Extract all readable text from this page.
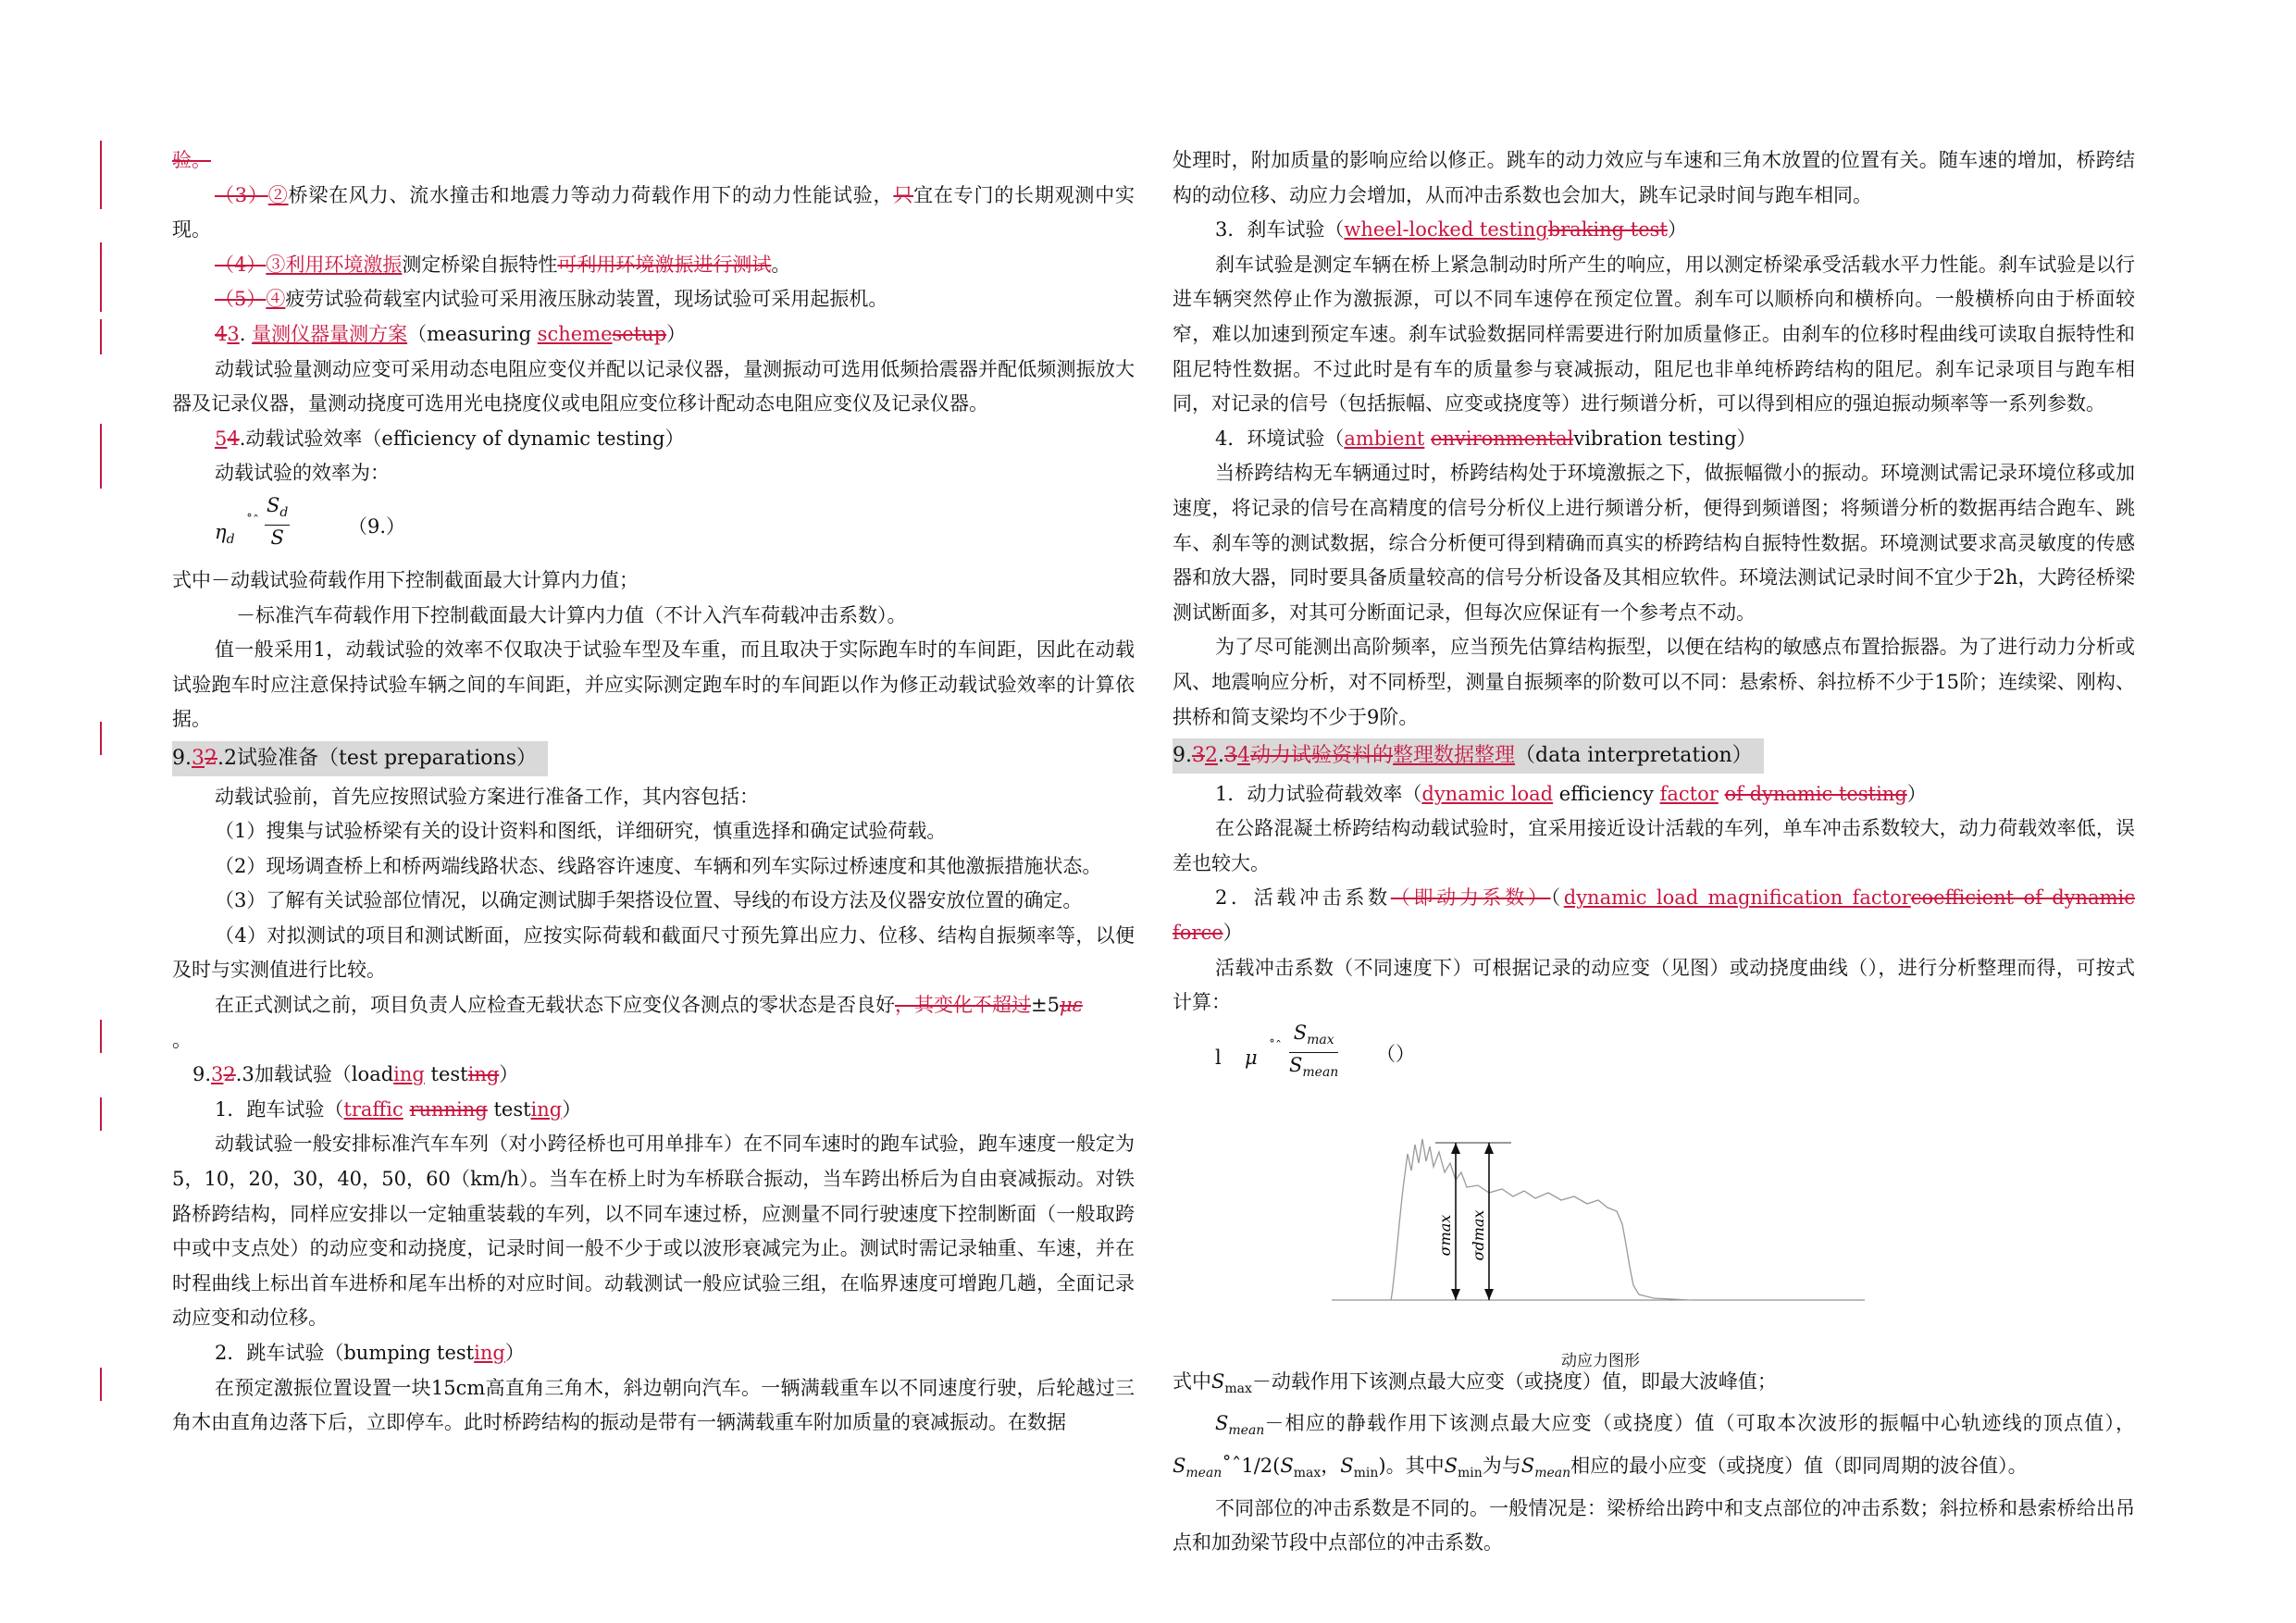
验。

（3）②桥梁在风力、流水撞击和地震力等动力荷载作用下的动力性能试验，只宜在专门的长期观测中实现。

（4）③利用环境激振测定桥梁自振特性可利用环境激振进行测试。

（5）④疲劳试验荷载室内试验可采用液压脉动装置，现场试验可采用起振机。

43. 量测仪器量测方案（measuring schemesetup）

动载试验量测动应变可采用动态电阻应变仪并配以记录仪器，量测振动可选用低频拾震器并配低频测振放大器及记录仪器，量测动挠度可选用光电挠度仪或电阻应变位移计配动态电阻应变仪及记录仪器。

54.动载试验效率（efficiency of dynamic testing）

动载试验的效率为：

$\eta_d$
˚ˆ $\frac{S_d}{S}$	（9.）

式中－动载试验荷载作用下控制截面最大计算内力值；

－标准汽车荷载作用下控制截面最大计算内力值（不计入汽车荷载冲击系数）。

值一般采用1，动载试验的效率不仅取决于试验车型及车重，而且取决于实际跑车时的车间距，因此在动载试验跑车时应注意保持试验车辆之间的车间距，并应实际测定跑车时的车间距以作为修正动载试验效率的计算依据。

9.32.2试验准备（test preparations）

动载试验前，首先应按照试验方案进行准备工作，其内容包括：

（1）搜集与试验桥梁有关的设计资料和图纸，详细研究，慎重选择和确定试验荷载。

（2）现场调查桥上和桥两端线路状态、线路容许速度、车辆和列车实际过桥速度和其他激振措施状态。

（3）了解有关试验部位情况，以确定测试脚手架搭设位置、导线的布设方法及仪器安放位置的确定。

（4）对拟测试的项目和测试断面，应按实际荷载和截面尺寸预先算出应力、位移、结构自振频率等，以便及时与实测值进行比较。

在正式测试之前，项目负责人应检查无载状态下应变仪各测点的零状态是否良好，其变化不超过±5με
。

9.32.3加载试验（loading testing）

1．跑车试验（traffic running testing）

动载试验一般安排标准汽车车列（对小跨径桥也可用单排车）在不同车速时的跑车试验，跑车速度一般定为5，10，20，30，40，50，60（km/h）。当车在桥上时为车桥联合振动，当车跨出桥后为自由衰减振动。对铁路桥跨结构，同样应安排以一定轴重装载的车列，以不同车速过桥，应测量不同行驶速度下控制断面（一般取跨中或中支点处）的动应变和动挠度，记录时间一般不少于或以波形衰减完为止。测试时需记录轴重、车速，并在时程曲线上标出首车进桥和尾车出桥的对应时间。动载测试一般应试验三组，在临界速度可增跑几趟，全面记录动应变和动位移。

2．跳车试验（bumping testing）

在预定激振位置设置一块15cm高直角三角木，斜边朝向汽车。一辆满载重车以不同速度行驶，后轮越过三角木由直角边落下后，立即停车。此时桥跨结构的振动是带有一辆满载重车附加质量的衰减振动。在数据

处理时，附加质量的影响应给以修正。跳车的动力效应与车速和三角木放置的位置有关。随车速的增加，桥跨结构的动位移、动应力会增加，从而冲击系数也会加大，跳车记录时间与跑车相同。

3．刹车试验（wheel-locked testingbraking test）

刹车试验是测定车辆在桥上紧急制动时所产生的响应，用以测定桥梁承受活载水平力性能。刹车试验是以行进车辆突然停止作为激振源，可以不同车速停在预定位置。刹车可以顺桥向和横桥向。一般横桥向由于桥面较窄，难以加速到预定车速。刹车试验数据同样需要进行附加质量修正。由刹车的位移时程曲线可读取自振特性和阻尼特性数据。不过此时是有车的质量参与衰减振动，阻尼也非单纯桥跨结构的阻尼。刹车记录项目与跑车相同，对记录的信号（包括振幅、应变或挠度等）进行频谱分析，可以得到相应的强迫振动频率等一系列参数。

4．环境试验（ambient environmentalvibration testing）

当桥跨结构无车辆通过时，桥跨结构处于环境激振之下，做振幅微小的振动。环境测试需记录环境位移或加速度，将记录的信号在高精度的信号分析仪上进行频谱分析，便得到频谱图；将频谱分析的数据再结合跑车、跳车、刹车等的测试数据，综合分析便可得到精确而真实的桥跨结构自振特性数据。环境测试要求高灵敏度的传感器和放大器，同时要具备质量较高的信号分析设备及其相应软件。环境法测试记录时间不宜少于2h，大跨径桥梁测试断面多，对其可分断面记录，但每次应保证有一个参考点不动。

为了尽可能测出高阶频率，应当预先估算结构振型，以便在结构的敏感点布置拾振器。为了进行动力分析或风、地震响应分析，对不同桥型，测量自振频率的阶数可以不同：悬索桥、斜拉桥不少于15阶；连续梁、刚构、拱桥和简支梁均不少于9阶。

9.32.34动力试验资料的整理数据整理（data interpretation）

1．动力试验荷载效率（dynamic load efficiency factor of dynamic testing）

在公路混凝土桥跨结构动载试验时，宜采用接近设计活载的车列，单车冲击系数较大，动力荷载效率低，误差也较大。

2．活载冲击系数（即动力系数）（dynamic load magnification factorcoefficient of dynamic force）

活载冲击系数（不同速度下）可根据记录的动应变（见图）或动挠度曲线（），进行分析整理而得，可按式计算：

l μ ˚ˆ
$S_{max}$
$S_{mean}$
（）
σmax σdmax
动应力图形

式中$S_{max}-$动载作用下该测点最大应变（或挠度）值，即最大波峰值；

$S_{mean}-$相应的静载作用下该测点最大应变（或挠度）值（可取本次波形的振幅中心轨迹线的顶点值）， $S_{mean}˚ˆ1/2(S_{max}$，$S_{min}$)。其中$S_{min}$为与$S_{mean}$相应的最小应变（或挠度）值（即同周期的波谷值）。

不同部位的冲击系数是不同的。一般情况是：梁桥给出跨中和支点部位的冲击系数；斜拉桥和悬索桥给出吊点和加劲梁节段中点部位的冲击系数。
